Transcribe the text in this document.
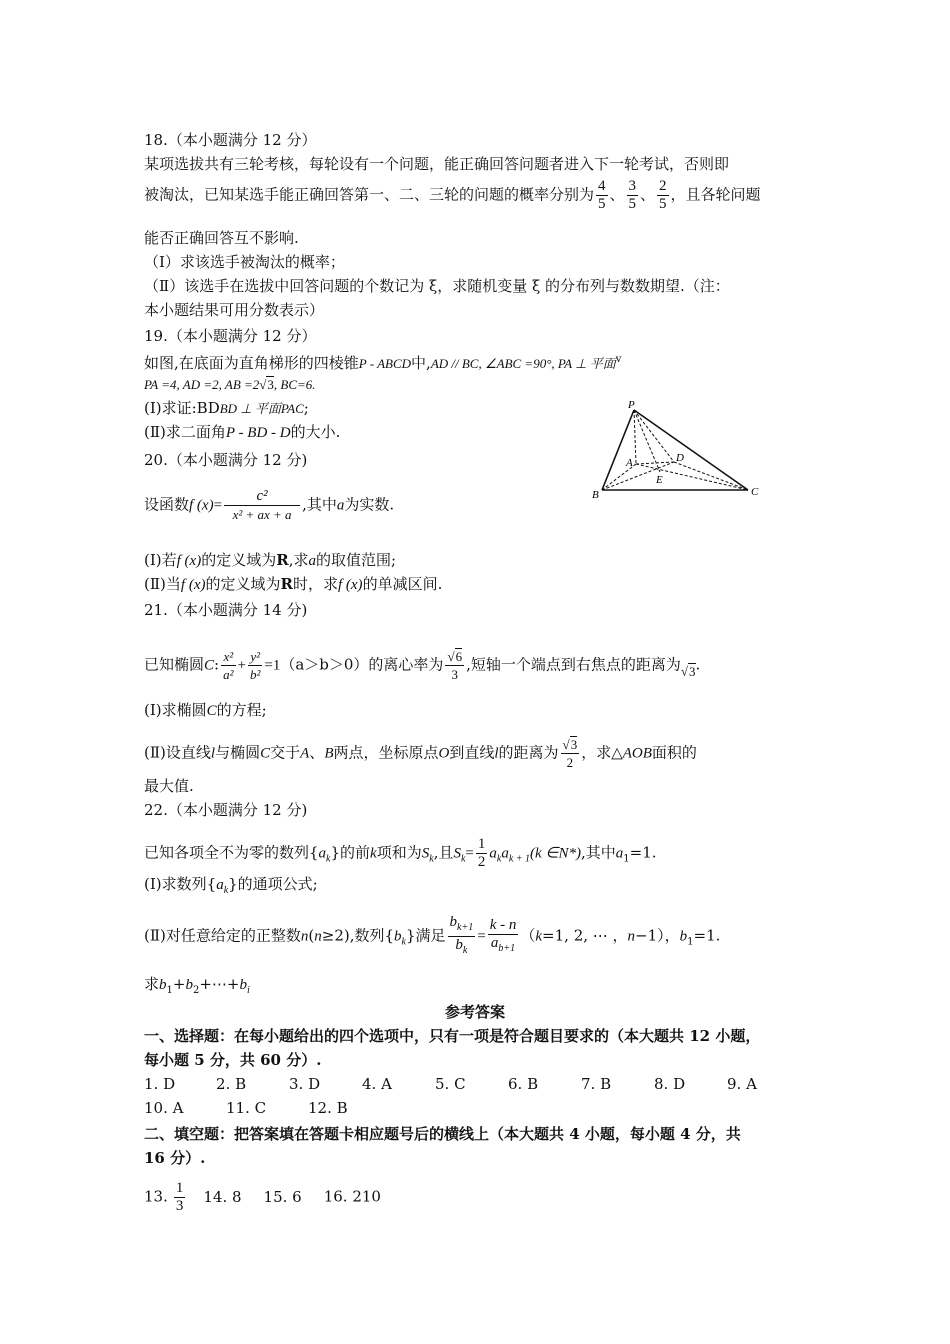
18.（本小题满分 12 分）
某项选拔共有三轮考核，每轮设有一个问题，能正确回答问题者进入下一轮考试，否则即
被淘汰，已知某选手能正确回答第一、二、三轮的问题的概率分别为 $\frac{4}{5}$ 、 $\frac{3}{5}$ 、 $\frac{2}{5}$ ，且各轮问题
能否正确回答互不影响.
（Ⅰ）求该选手被淘汰的概率；
（Ⅱ）该选手在选拔中回答问题的个数记为 ξ，求随机变量 ξ 的分布列与数数期望.（注：
本小题结果可用分数表示）
19.（本小题满分 12 分）
如图,在底面为直角梯形的四棱锥P - ABCD中,AD // BC, ∠ABC =90°, PA ⊥ 平面$^v$
PA =4, AD =2, AB =2√3, BC=6.
(Ⅰ)求证:BDBD ⊥ 平面PAC;
(Ⅱ)求二面角P - BD - D的大小.
P
A	D
E
B	C
20.（本小题满分 12 分)
设函数f $(x)= \frac{\text{c²}}{\text{x² + ax + a}}$ ,其中a为实数.
(Ⅰ)若f (x)的定义域为R,求a的取值范围;
(Ⅱ)当f (x)的定义域为R时，求f (x)的单减区间.
21.（本小题满分 14 分)
已知椭圆C: $\frac{\text{x²}}{\text{a²}} + \frac{\text{y²}}{\text{b²}} =1(a>b>0)$的离心率为 $\frac{√6}{3}$ ,短轴一个端点到右焦点的距离为√3.
(Ⅰ)求椭圆C的方程;
(Ⅱ)设直线l与椭圆C交于A、B两点，坐标原点O到直线l的距离为 $\frac{√3}{2}$ ，求△AOB面积的
最大值.
22.（本小题满分 12 分)
已知各项全不为零的数列$\{a_k\}$的前k项和为$S_k$,且$S_k= \frac{1}{2} a_ka_{k + 1}(k$ ∈N*),其中$a_1=1$.
(Ⅰ)求数列$\{a_k\}$的通项公式;
(Ⅱ)对任意给定的正整数n(n≥2),数列$\{b_k\}$满足 $\frac{b_{k+1}}{b_k} = \frac{k - n}{a_{b+1}} (k=1$, 2, ⋯ ，n−1），$b_1=1$.
求$b_1+b_2+\cdots+b_i$
参考答案
一、选择题：在每小题给出的四个选项中，只有一项是符合题目要求的（本大题共 12 小题，
每小题 5 分，共 60 分）.
1. D	2. B	3. D	4. A	5. C	6. B	7. B	8. D	9. A
10. A	11. C	12. B
二、填空题：把答案填在答题卡相应题号后的横线上（本大题共 4 小题，每小题 4 分，共
16 分）.
13. $\frac{1}{3} 14$. 8 15. 6 16. 210
